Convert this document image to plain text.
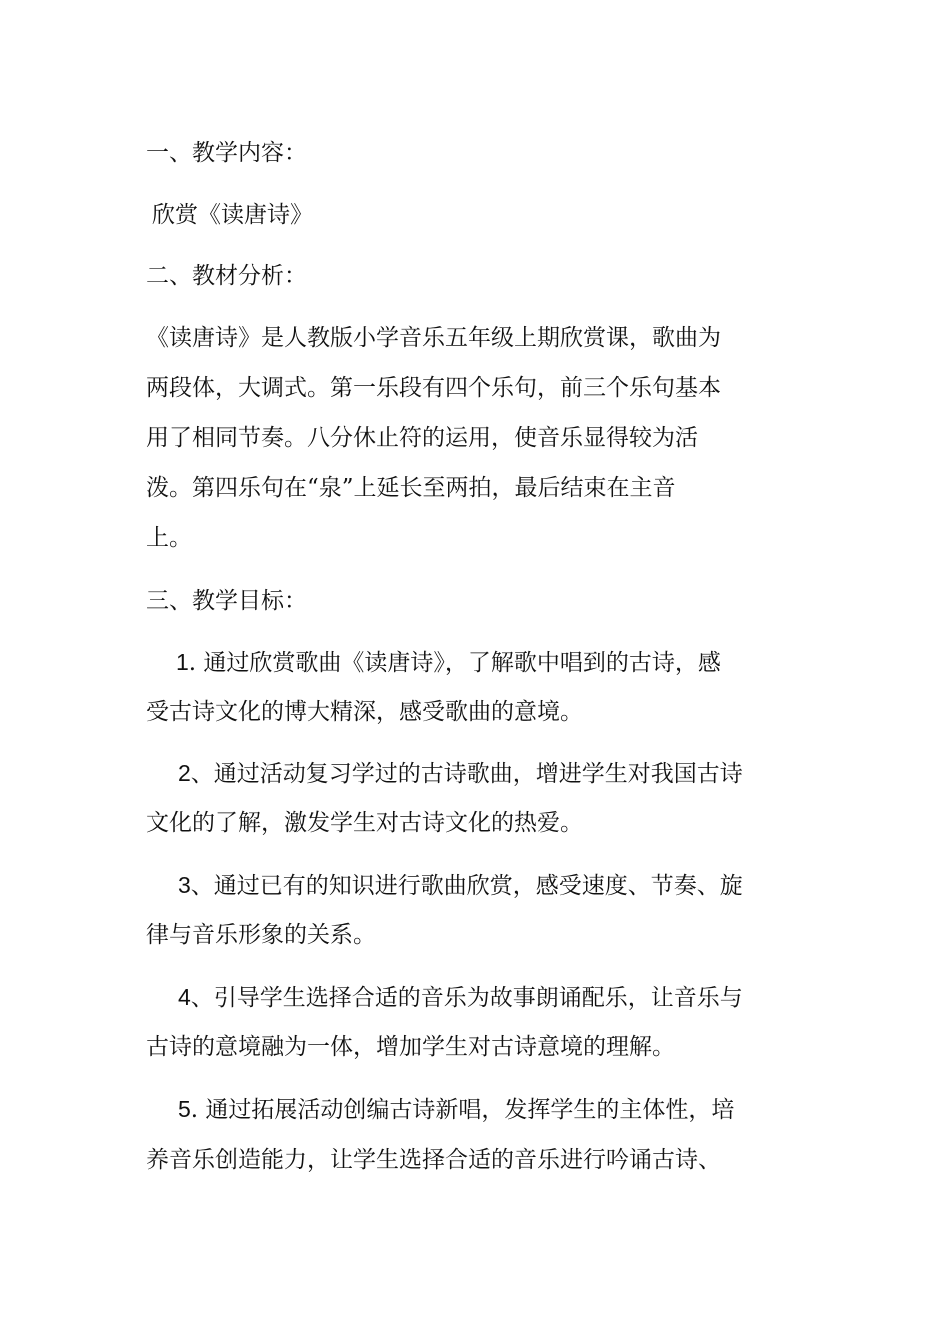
一、教学内容：
欣赏《读唐诗》
二、教材分析：
《读唐诗》是人教版小学音乐五年级上期欣赏课，歌曲为
两段体，大调式。第一乐段有四个乐句，前三个乐句基本
用了相同节奏。八分休止符的运用，使音乐显得较为活
泼。第四乐句在“泉”上延长至两拍，最后结束在主音
上。
三、教学目标：
1. 通过欣赏歌曲《读唐诗》，了解歌中唱到的古诗，感
受古诗文化的博大精深，感受歌曲的意境。
2、通过活动复习学过的古诗歌曲，增进学生对我国古诗
文化的了解，激发学生对古诗文化的热爱。
3、通过已有的知识进行歌曲欣赏，感受速度、节奏、旋
律与音乐形象的关系。
4、引导学生选择合适的音乐为故事朗诵配乐，让音乐与
古诗的意境融为一体，增加学生对古诗意境的理解。
5. 通过拓展活动创编古诗新唱，发挥学生的主体性，培
养音乐创造能力，让学生选择合适的音乐进行吟诵古诗、
